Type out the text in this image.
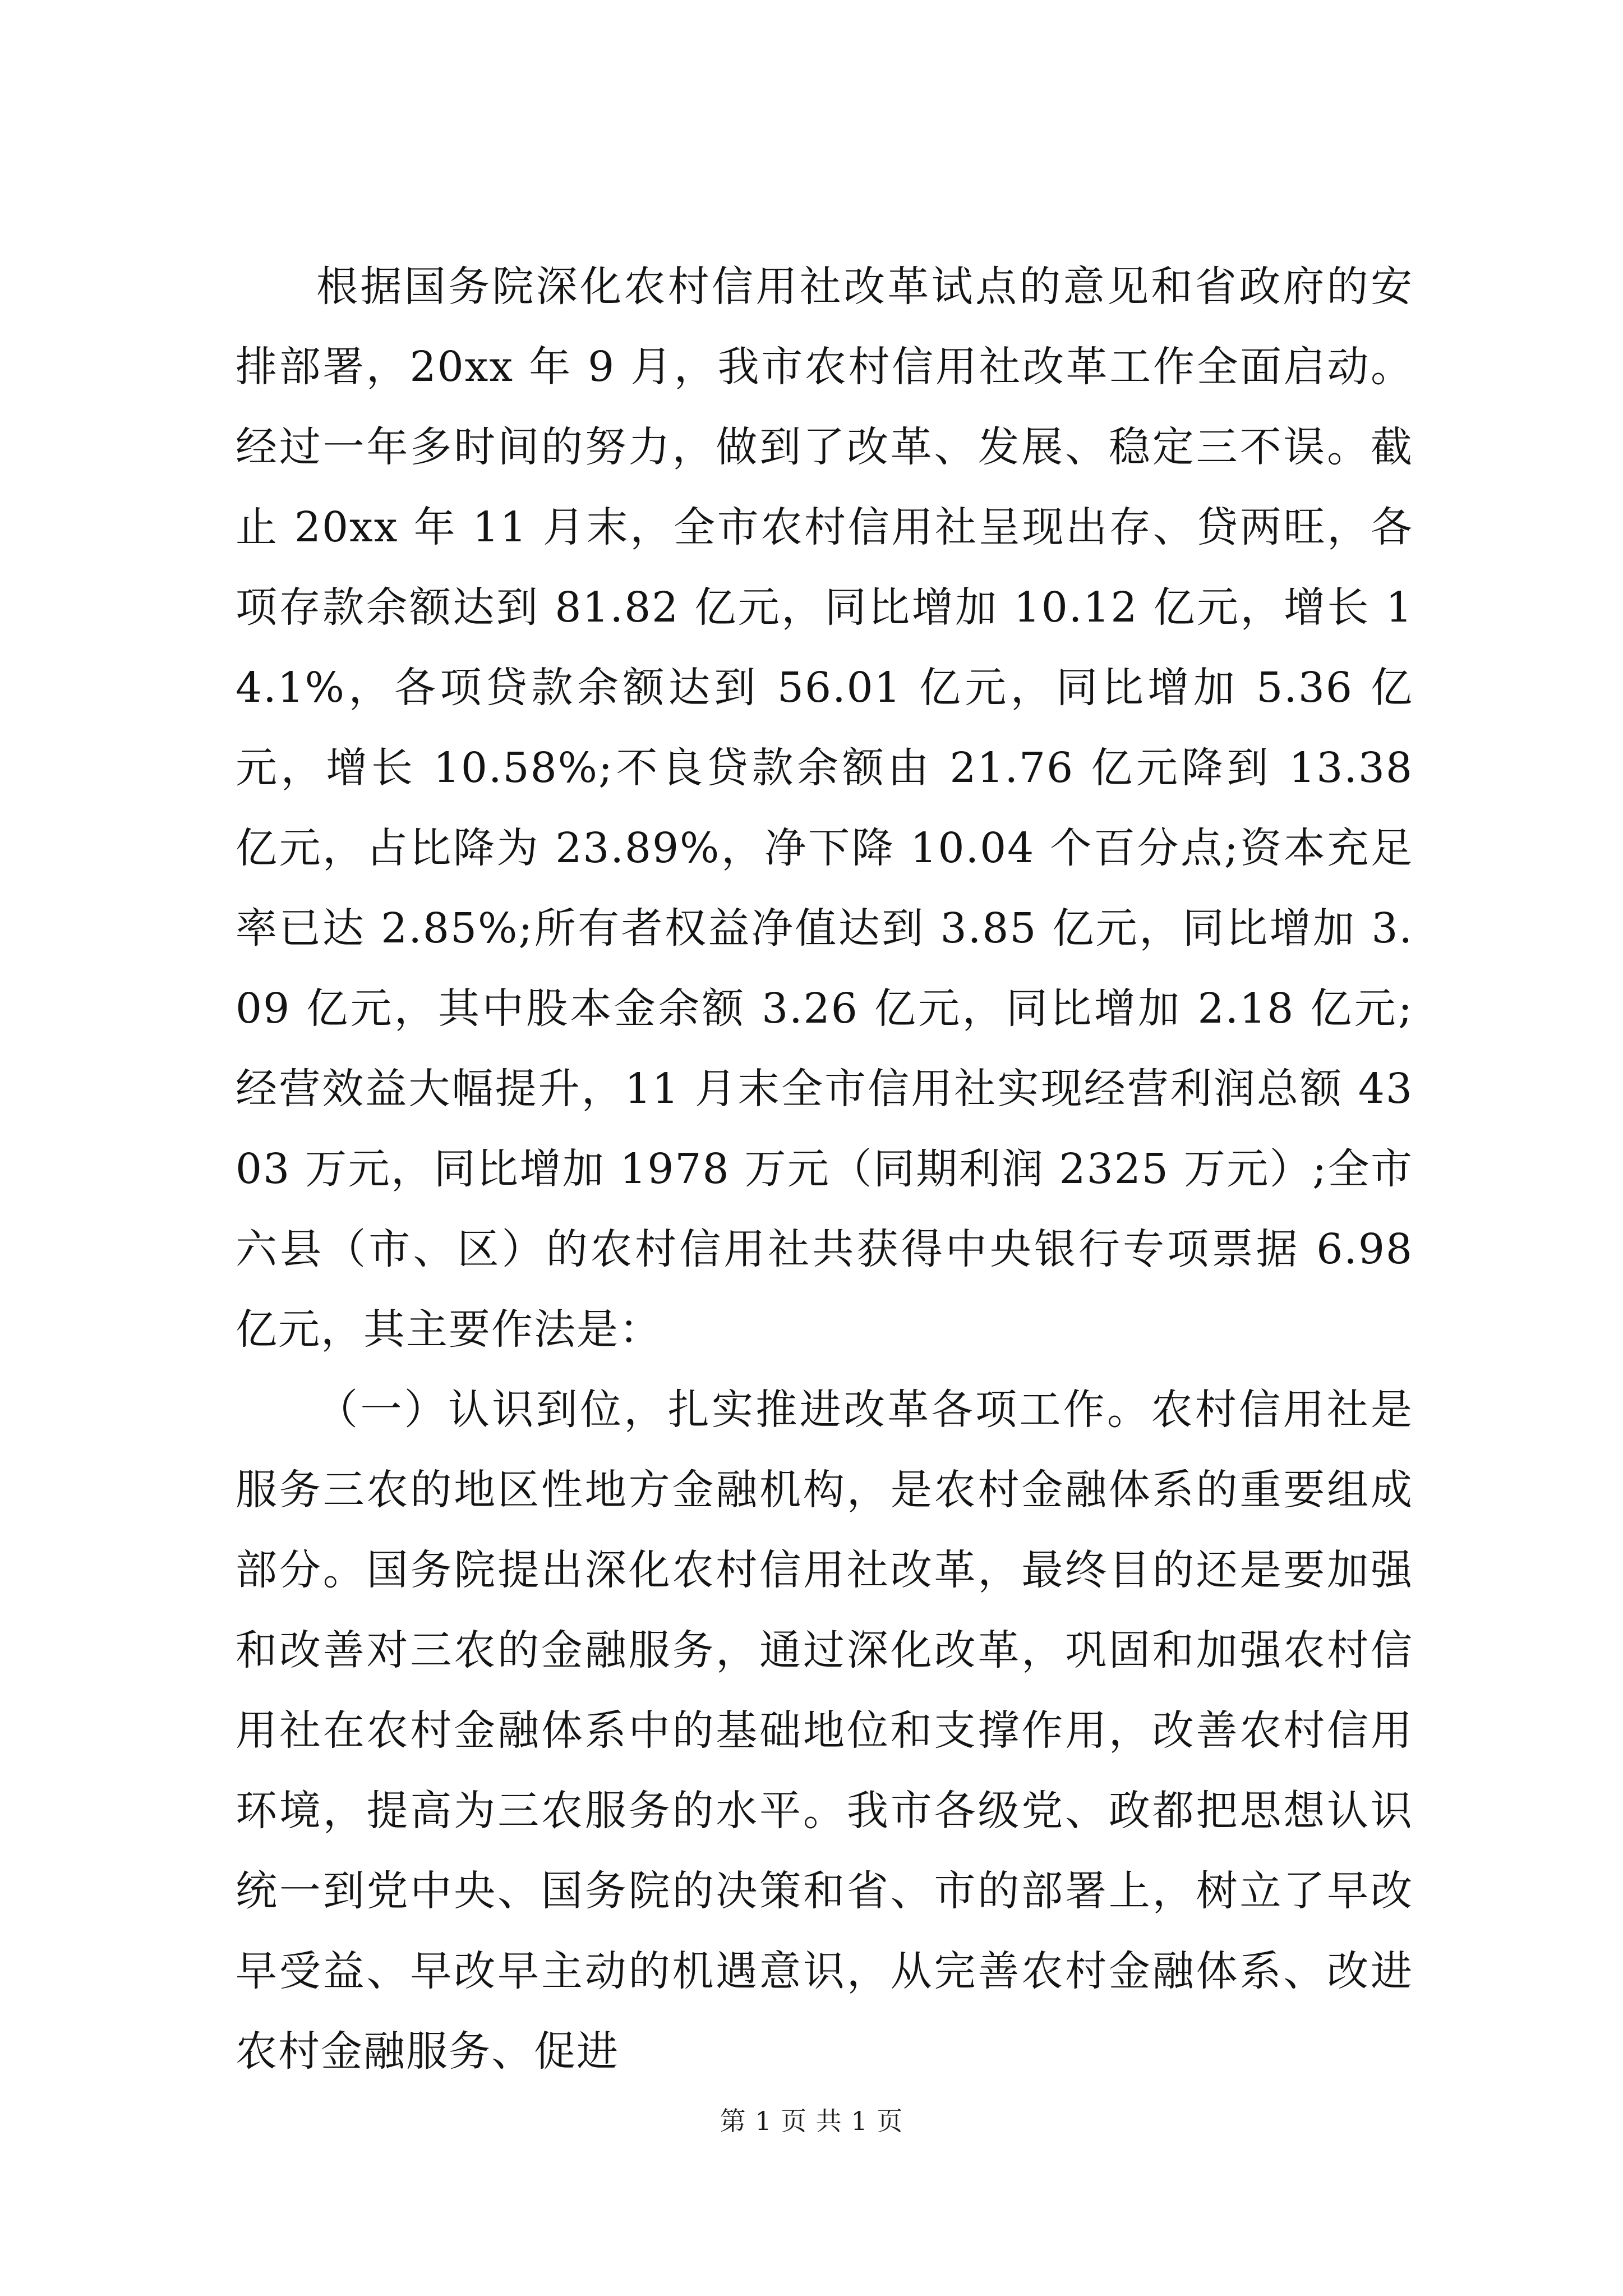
根据国务院深化农村信用社改革试点的意见和省政府的安排部署，20xx 年 9 月，我市农村信用社改革工作全面启动。经过一年多时间的努力，做到了改革、发展、稳定三不误。截止 20xx 年 11 月末，全市农村信用社呈现出存、贷两旺，各项存款余额达到 81.82 亿元，同比增加 10.12 亿元，增长 14.1%，各项贷款余额达到 56.01 亿元，同比增加 5.36 亿元，增长 10.58%;不良贷款余额由 21.76 亿元降到 13.38 亿元，占比降为 23.89%，净下降 10.04 个百分点;资本充足率已达 2.85%;所有者权益净值达到 3.85 亿元，同比增加 3.09 亿元，其中股本金余额 3.26 亿元，同比增加 2.18 亿元;经营效益大幅提升，11 月末全市信用社实现经营利润总额 4303 万元，同比增加 1978 万元（同期利润 2325 万元）;全市六县（市、区）的农村信用社共获得中央银行专项票据 6.98 亿元，其主要作法是：

（一）认识到位，扎实推进改革各项工作。农村信用社是服务三农的地区性地方金融机构，是农村金融体系的重要组成部分。国务院提出深化农村信用社改革，最终目的还是要加强和改善对三农的金融服务，通过深化改革，巩固和加强农村信用社在农村金融体系中的基础地位和支撑作用，改善农村信用环境，提高为三农服务的水平。我市各级党、政都把思想认识统一到党中央、国务院的决策和省、市的部署上，树立了早改早受益、早改早主动的机遇意识，从完善农村金融体系、改进农村金融服务、促进

第 1 页 共 1 页
